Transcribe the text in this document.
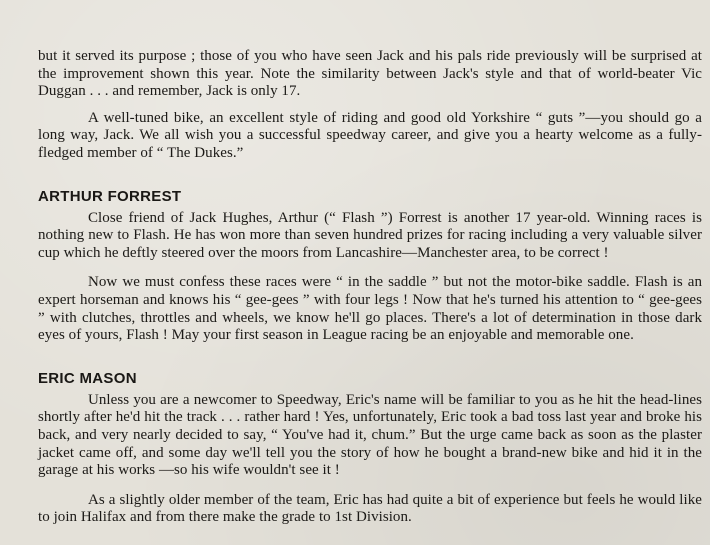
but it served its purpose ; those of you who have seen Jack and his pals ride previously will be surprised at the improvement shown this year. Note the similarity between Jack's style and that of world-beater Vic Duggan . . . and remember, Jack is only 17.

A well-tuned bike, an excellent style of riding and good old Yorkshire “ guts ”—you should go a long way, Jack. We all wish you a successful speedway career, and give you a hearty welcome as a fully-fledged member of “ The Dukes.”

ARTHUR FORREST

Close friend of Jack Hughes, Arthur (“ Flash ”) Forrest is another 17 year-old. Winning races is nothing new to Flash. He has won more than seven hundred prizes for racing including a very valuable silver cup which he deftly steered over the moors from Lancashire—Manchester area, to be correct !

Now we must confess these races were “ in the saddle ” but not the motor-bike saddle. Flash is an expert horseman and knows his “ gee-gees ” with four legs ! Now that he's turned his attention to “ gee-gees ” with clutches, throttles and wheels, we know he'll go places. There's a lot of determination in those dark eyes of yours, Flash ! May your first season in League racing be an enjoyable and memorable one.

ERIC MASON

Unless you are a newcomer to Speedway, Eric's name will be familiar to you as he hit the head-lines shortly after he'd hit the track . . . rather hard ! Yes, unfortunately, Eric took a bad toss last year and broke his back, and very nearly decided to say, “ You've had it, chum.” But the urge came back as soon as the plaster jacket came off, and some day we'll tell you the story of how he bought a brand-new bike and hid it in the garage at his works —so his wife wouldn't see it !

As a slightly older member of the team, Eric has had quite a bit of experience but feels he would like to join Halifax and from there make the grade to 1st Division.
